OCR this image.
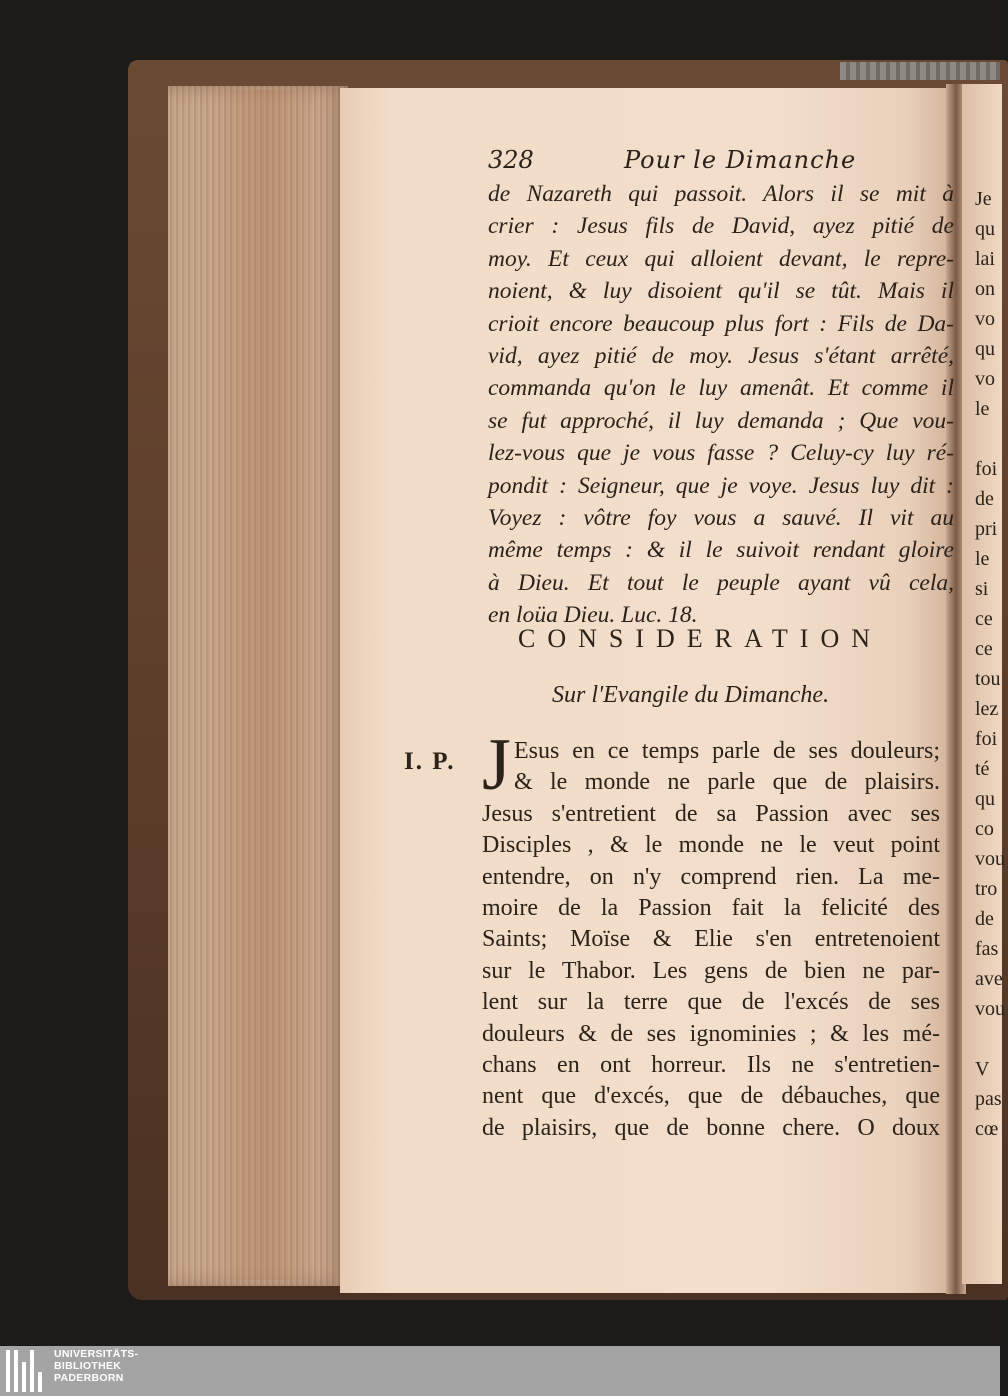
328	Pour le Dimanche
de Nazareth qui passoit. Alors il se mit à
crier : Jesus fils de David, ayez pitié de
moy. Et ceux qui alloient devant, le repre-
noient, & luy disoient qu'il se tût. Mais il
crioit encore beaucoup plus fort : Fils de Da-
vid, ayez pitié de moy. Jesus s'étant arrêté,
commanda qu'on le luy amenât. Et comme il
se fut approché, il luy demanda ; Que vou-
lez-vous que je vous fasse ? Celuy-cy luy ré-
pondit : Seigneur, que je voye. Jesus luy dit :
Voyez : vôtre foy vous a sauvé. Il vit au
même temps : & il le suivoit rendant gloire
à Dieu. Et tout le peuple ayant vû cela,
en loüa Dieu. Luc. 18.
CONSIDERATION
Sur l'Evangile du Dimanche.
I. P. J Esus en ce temps parle de ses douleurs;
& le monde ne parle que de plaisirs.
Jesus s'entretient de sa Passion avec ses
Disciples , & le monde ne le veut point
entendre, on n'y comprend rien. La me-
moire de la Passion fait la felicité des
Saints; Moïse & Elie s'en entretenoient
sur le Thabor. Les gens de bien ne par-
lent sur la terre que de l'excés de ses
douleurs & de ses ignominies ; & les mé-
chans en ont horreur. Ils ne s'entretien-
nent que d'excés, que de débauches, que
de plaisirs, que de bonne chere. O doux
Je
qu
lai
on
vo
qu
vo
le
foi
de
pri
le
si
ce
ce
tou
lez
foi
té
qu
co
vou
tro
de
fas
ave
vou
V
pas
cœ
UNIVERSITÄTS-
BIBLIOTHEK
PADERBORN
